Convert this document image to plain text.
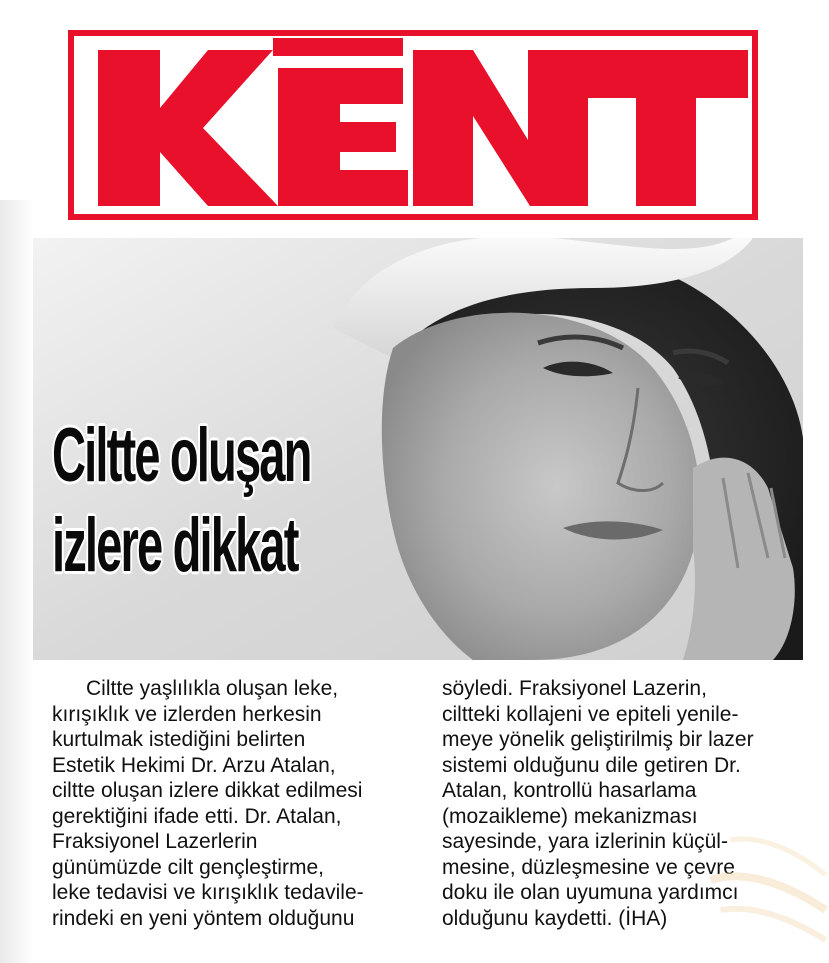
Ciltte oluşan
izlere dikkat
Ciltte yaşlılıkla oluşan leke,
kırışıklık ve izlerden herkesin
kurtulmak istediğini belirten
Estetik Hekimi Dr. Arzu Atalan,
ciltte oluşan izlere dikkat edilmesi
gerektiğini ifade etti. Dr. Atalan,
Fraksiyonel Lazerlerin
günümüzde cilt gençleştirme,
leke tedavisi ve kırışıklık tedavile-
rindeki en yeni yöntem olduğunu
söyledi. Fraksiyonel Lazerin,
ciltteki kollajeni ve epiteli yenile-
meye yönelik geliştirilmiş bir lazer
sistemi olduğunu dile getiren Dr.
Atalan, kontrollü hasarlama
(mozaikleme) mekanizması
sayesinde, yara izlerinin küçül-
mesine, düzleşmesine ve çevre
doku ile olan uyumuna yardımcı
olduğunu kaydetti. (İHA)
